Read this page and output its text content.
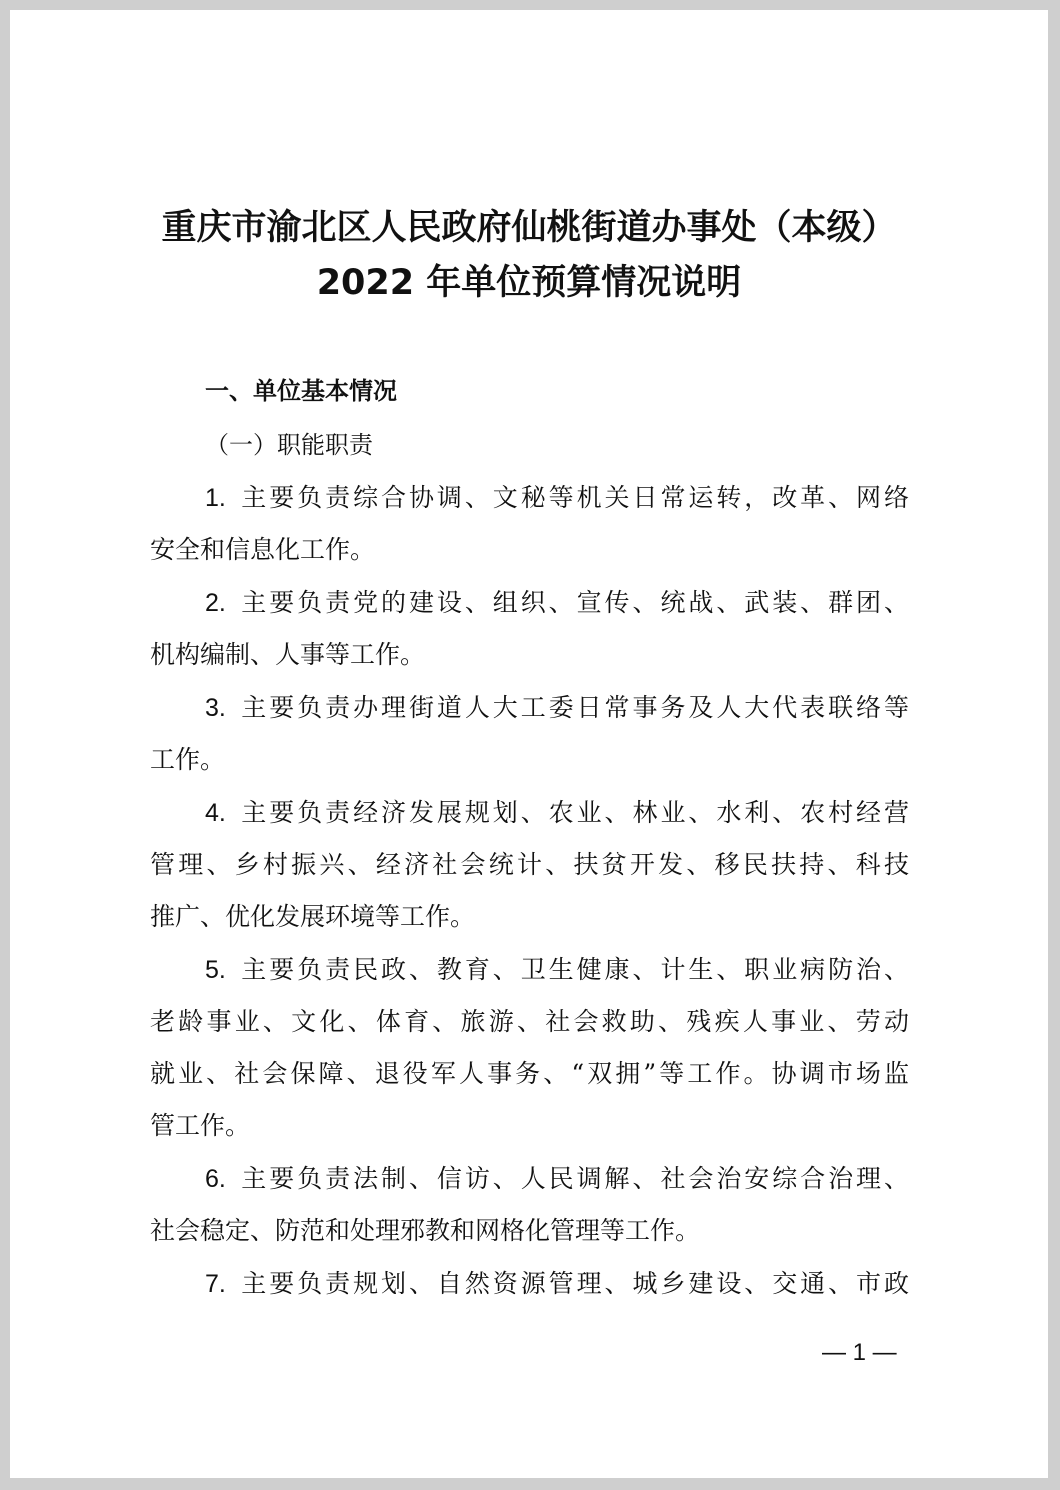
重庆市渝北区人民政府仙桃街道办事处（本级）
2022 年单位预算情况说明
一、单位基本情况
（一）职能职责
1.  主要负责综合协调、文秘等机关日常运转，改革、网络
安全和信息化工作。
2.  主要负责党的建设、组织、宣传、统战、武装、群团、
机构编制、人事等工作。
3.  主要负责办理街道人大工委日常事务及人大代表联络等
工作。
4.  主要负责经济发展规划、农业、林业、水利、农村经营
管理、乡村振兴、经济社会统计、扶贫开发、移民扶持、科技
推广、优化发展环境等工作。
5.  主要负责民政、教育、卫生健康、计生、职业病防治、
老龄事业、文化、体育、旅游、社会救助、残疾人事业、劳动
就业、社会保障、退役军人事务、“双拥”等工作。协调市场监
管工作。
6.  主要负责法制、信访、人民调解、社会治安综合治理、
社会稳定、防范和处理邪教和网格化管理等工作。
7.  主要负责规划、自然资源管理、城乡建设、交通、市政
— 1 —
